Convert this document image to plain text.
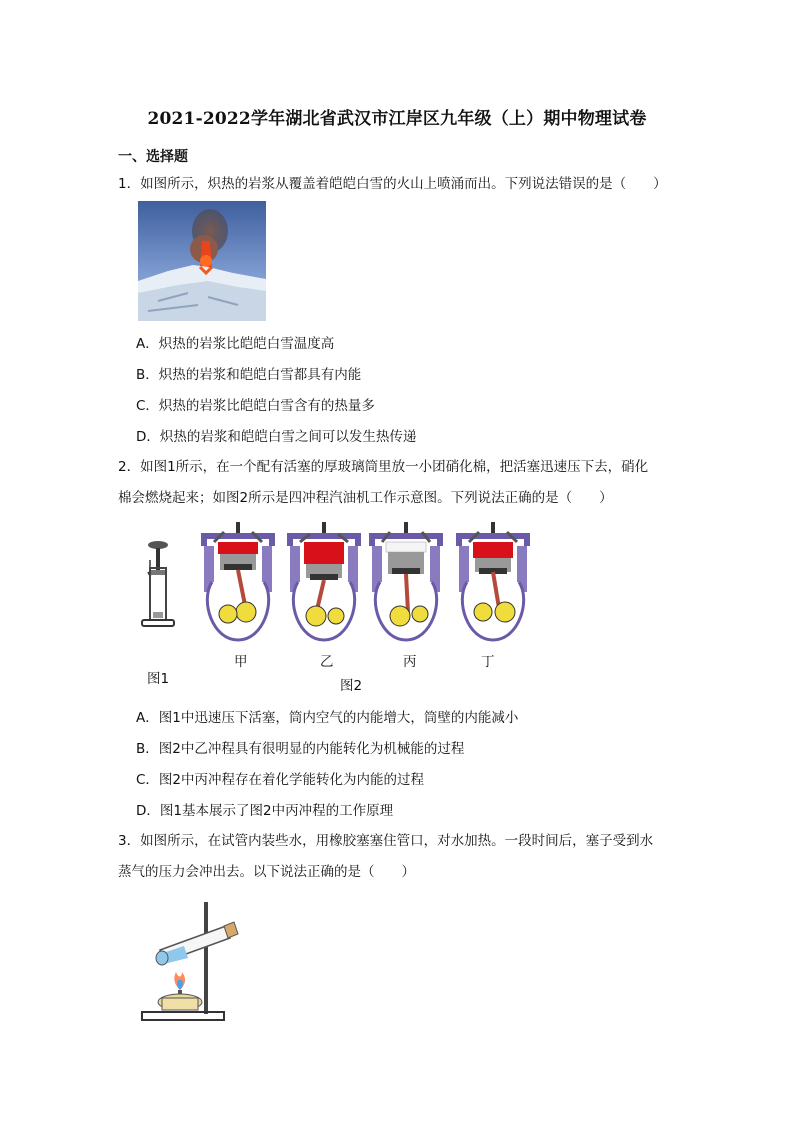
2021-2022学年湖北省武汉市江岸区九年级（上）期中物理试卷
一、选择题
1．如图所示，炽热的岩浆从覆盖着皑皑白雪的火山上喷涌而出。下列说法错误的是（　　）
A．炽热的岩浆比皑皑白雪温度高
B．炽热的岩浆和皑皑白雪都具有内能
C．炽热的岩浆比皑皑白雪含有的热量多
D．炽热的岩浆和皑皑白雪之间可以发生热传递
2．如图1所示，在一个配有活塞的厚玻璃筒里放一小团硝化棉，把活塞迅速压下去，硝化
棉会燃烧起来；如图2所示是四冲程汽油机工作示意图。下列说法正确的是（　　）
甲	乙	丙	丁
图1	图2
A．图1中迅速压下活塞，筒内空气的内能增大，筒壁的内能减小
B．图2中乙冲程具有很明显的内能转化为机械能的过程
C．图2中丙冲程存在着化学能转化为内能的过程
D．图1基本展示了图2中丙冲程的工作原理
3．如图所示，在试管内装些水，用橡胶塞塞住管口，对水加热。一段时间后，塞子受到水
蒸气的压力会冲出去。以下说法正确的是（　　）
